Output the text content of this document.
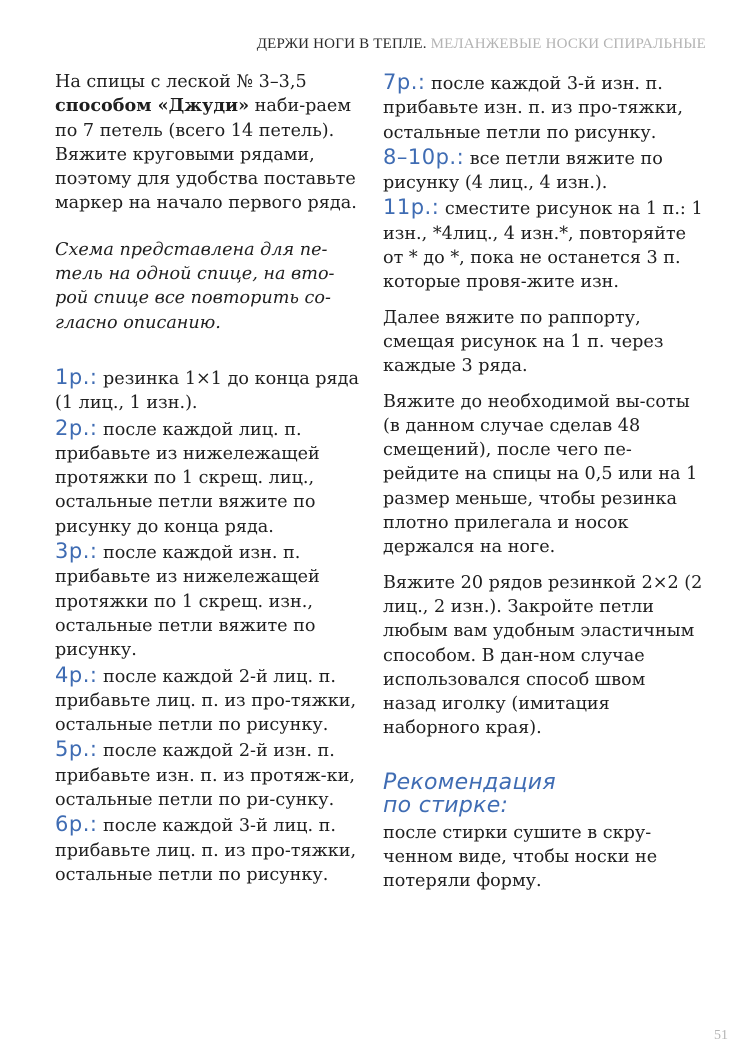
ДЕРЖИ НОГИ В ТЕПЛЕ. МЕЛАНЖЕВЫЕ НОСКИ СПИРАЛЬНЫЕ

На спицы с леской № 3–3,5
способом «Джуди» наби-раем по 7 петель (всего 14 петель). Вяжите круговыми рядами, поэтому для удобства поставьте маркер на начало первого ряда.

Схема представлена для пе-тель на одной спице, на вто-рой спице все повторить со-гласно описанию.

1р.: резинка 1×1 до конца ряда (1 лиц., 1 изн.).

2р.: после каждой лиц. п. прибавьте из нижележащей протяжки по 1 скрещ. лиц., остальные петли вяжите по рисунку до конца ряда.

3р.: после каждой изн. п. прибавьте из нижележащей протяжки по 1 скрещ. изн., остальные петли вяжите по рисунку.

4р.: после каждой 2-й лиц. п. прибавьте лиц. п. из про-тяжки, остальные петли по рисунку.

5р.: после каждой 2-й изн. п. прибавьте изн. п. из протяж-ки, остальные петли по ри-сунку.

6р.: после каждой 3-й лиц. п. прибавьте лиц. п. из про-тяжки, остальные петли по рисунку.

7р.: после каждой 3-й изн. п. прибавьте изн. п. из про-тяжки, остальные петли по рисунку.

8–10р.: все петли вяжите по рисунку (4 лиц., 4 изн.).

11р.: сместите рисунок на 1 п.: 1 изн., *4лиц., 4 изн.*, повторяйте от * до *, пока не останется 3 п. которые провя-жите изн.

Далее вяжите по раппорту, смещая рисунок на 1 п. через каждые 3 ряда.

Вяжите до необходимой вы-соты (в данном случае сделав 48 смещений), после чего пе-рейдите на спицы на 0,5 или на 1 размер меньше, чтобы резинка плотно прилегала и носок держался на ноге.

Вяжите 20 рядов резинкой 2×2 (2 лиц., 2 изн.). Закройте петли любым вам удобным эластичным способом. В дан-ном случае использовался способ швом назад иголку (имитация наборного края).

Рекомендация

по стирке:

после стирки сушите в скру-ченном виде, чтобы носки не потеряли форму.

51
